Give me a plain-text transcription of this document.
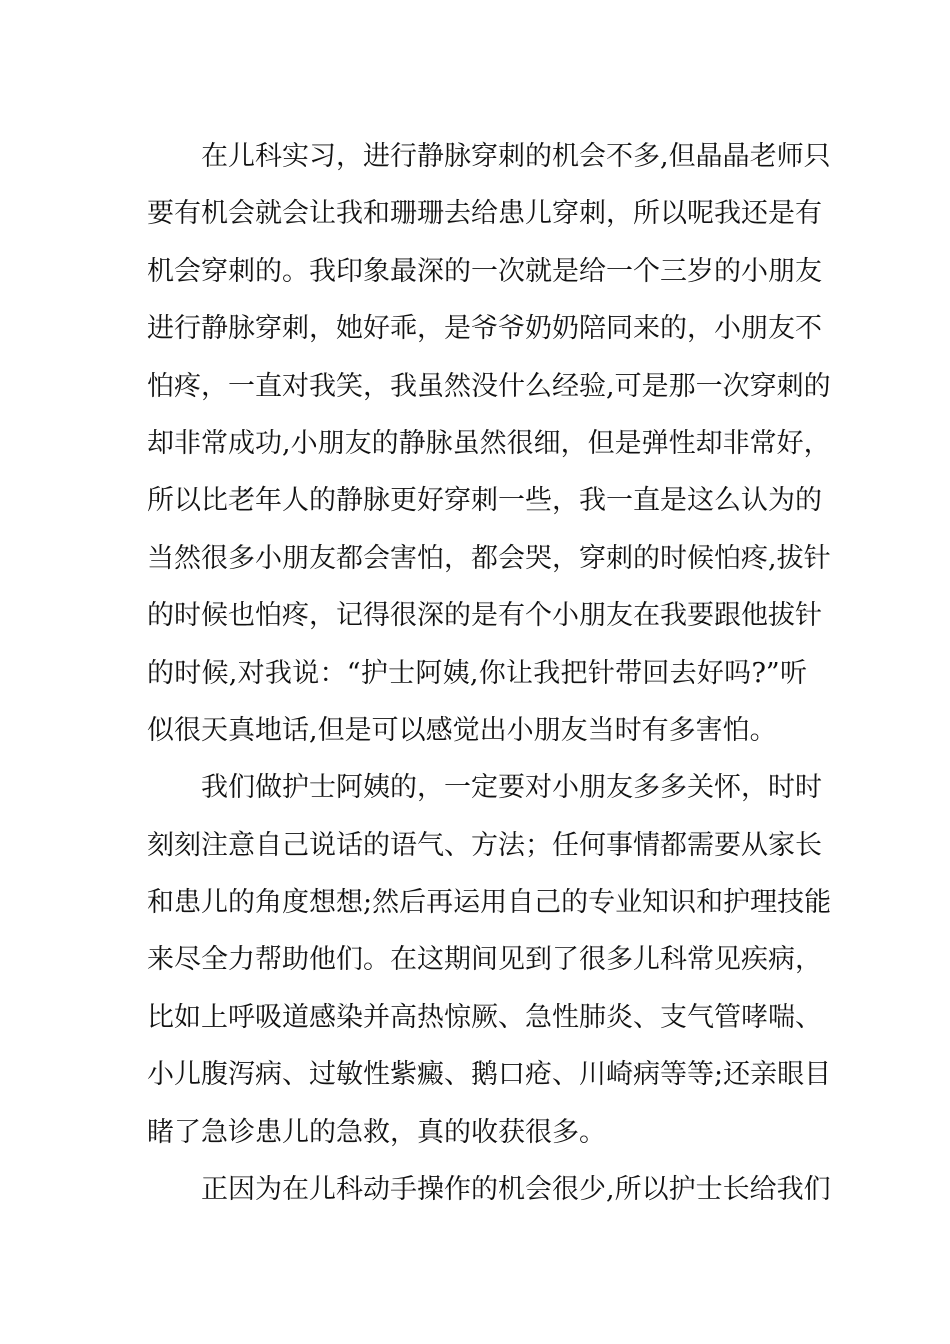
在儿科实习，进行静脉穿刺的机会不多,但晶晶老师只
要有机会就会让我和珊珊去给患儿穿刺，所以呢我还是有
机会穿刺的。我印象最深的一次就是给一个三岁的小朋友
进行静脉穿刺，她好乖，是爷爷奶奶陪同来的，小朋友不
怕疼，一直对我笑，我虽然没什么经验,可是那一次穿刺的
却非常成功,小朋友的静脉虽然很细，但是弹性却非常好，
所以比老年人的静脉更好穿刺一些，我一直是这么认为的
当然很多小朋友都会害怕，都会哭，穿刺的时候怕疼,拔针
的时候也怕疼，记得很深的是有个小朋友在我要跟他拔针
的时候,对我说：“护士阿姨,你让我把针带回去好吗?”听
似很天真地话,但是可以感觉出小朋友当时有多害怕。
我们做护士阿姨的，一定要对小朋友多多关怀，时时
刻刻注意自己说话的语气、方法；任何事情都需要从家长
和患儿的角度想想;然后再运用自己的专业知识和护理技能
来尽全力帮助他们。在这期间见到了很多儿科常见疾病，
比如上呼吸道感染并高热惊厥、急性肺炎、支气管哮喘、
小儿腹泻病、过敏性紫癜、鹅口疮、川崎病等等;还亲眼目
睹了急诊患儿的急救，真的收获很多。
正因为在儿科动手操作的机会很少,所以护士长给我们
